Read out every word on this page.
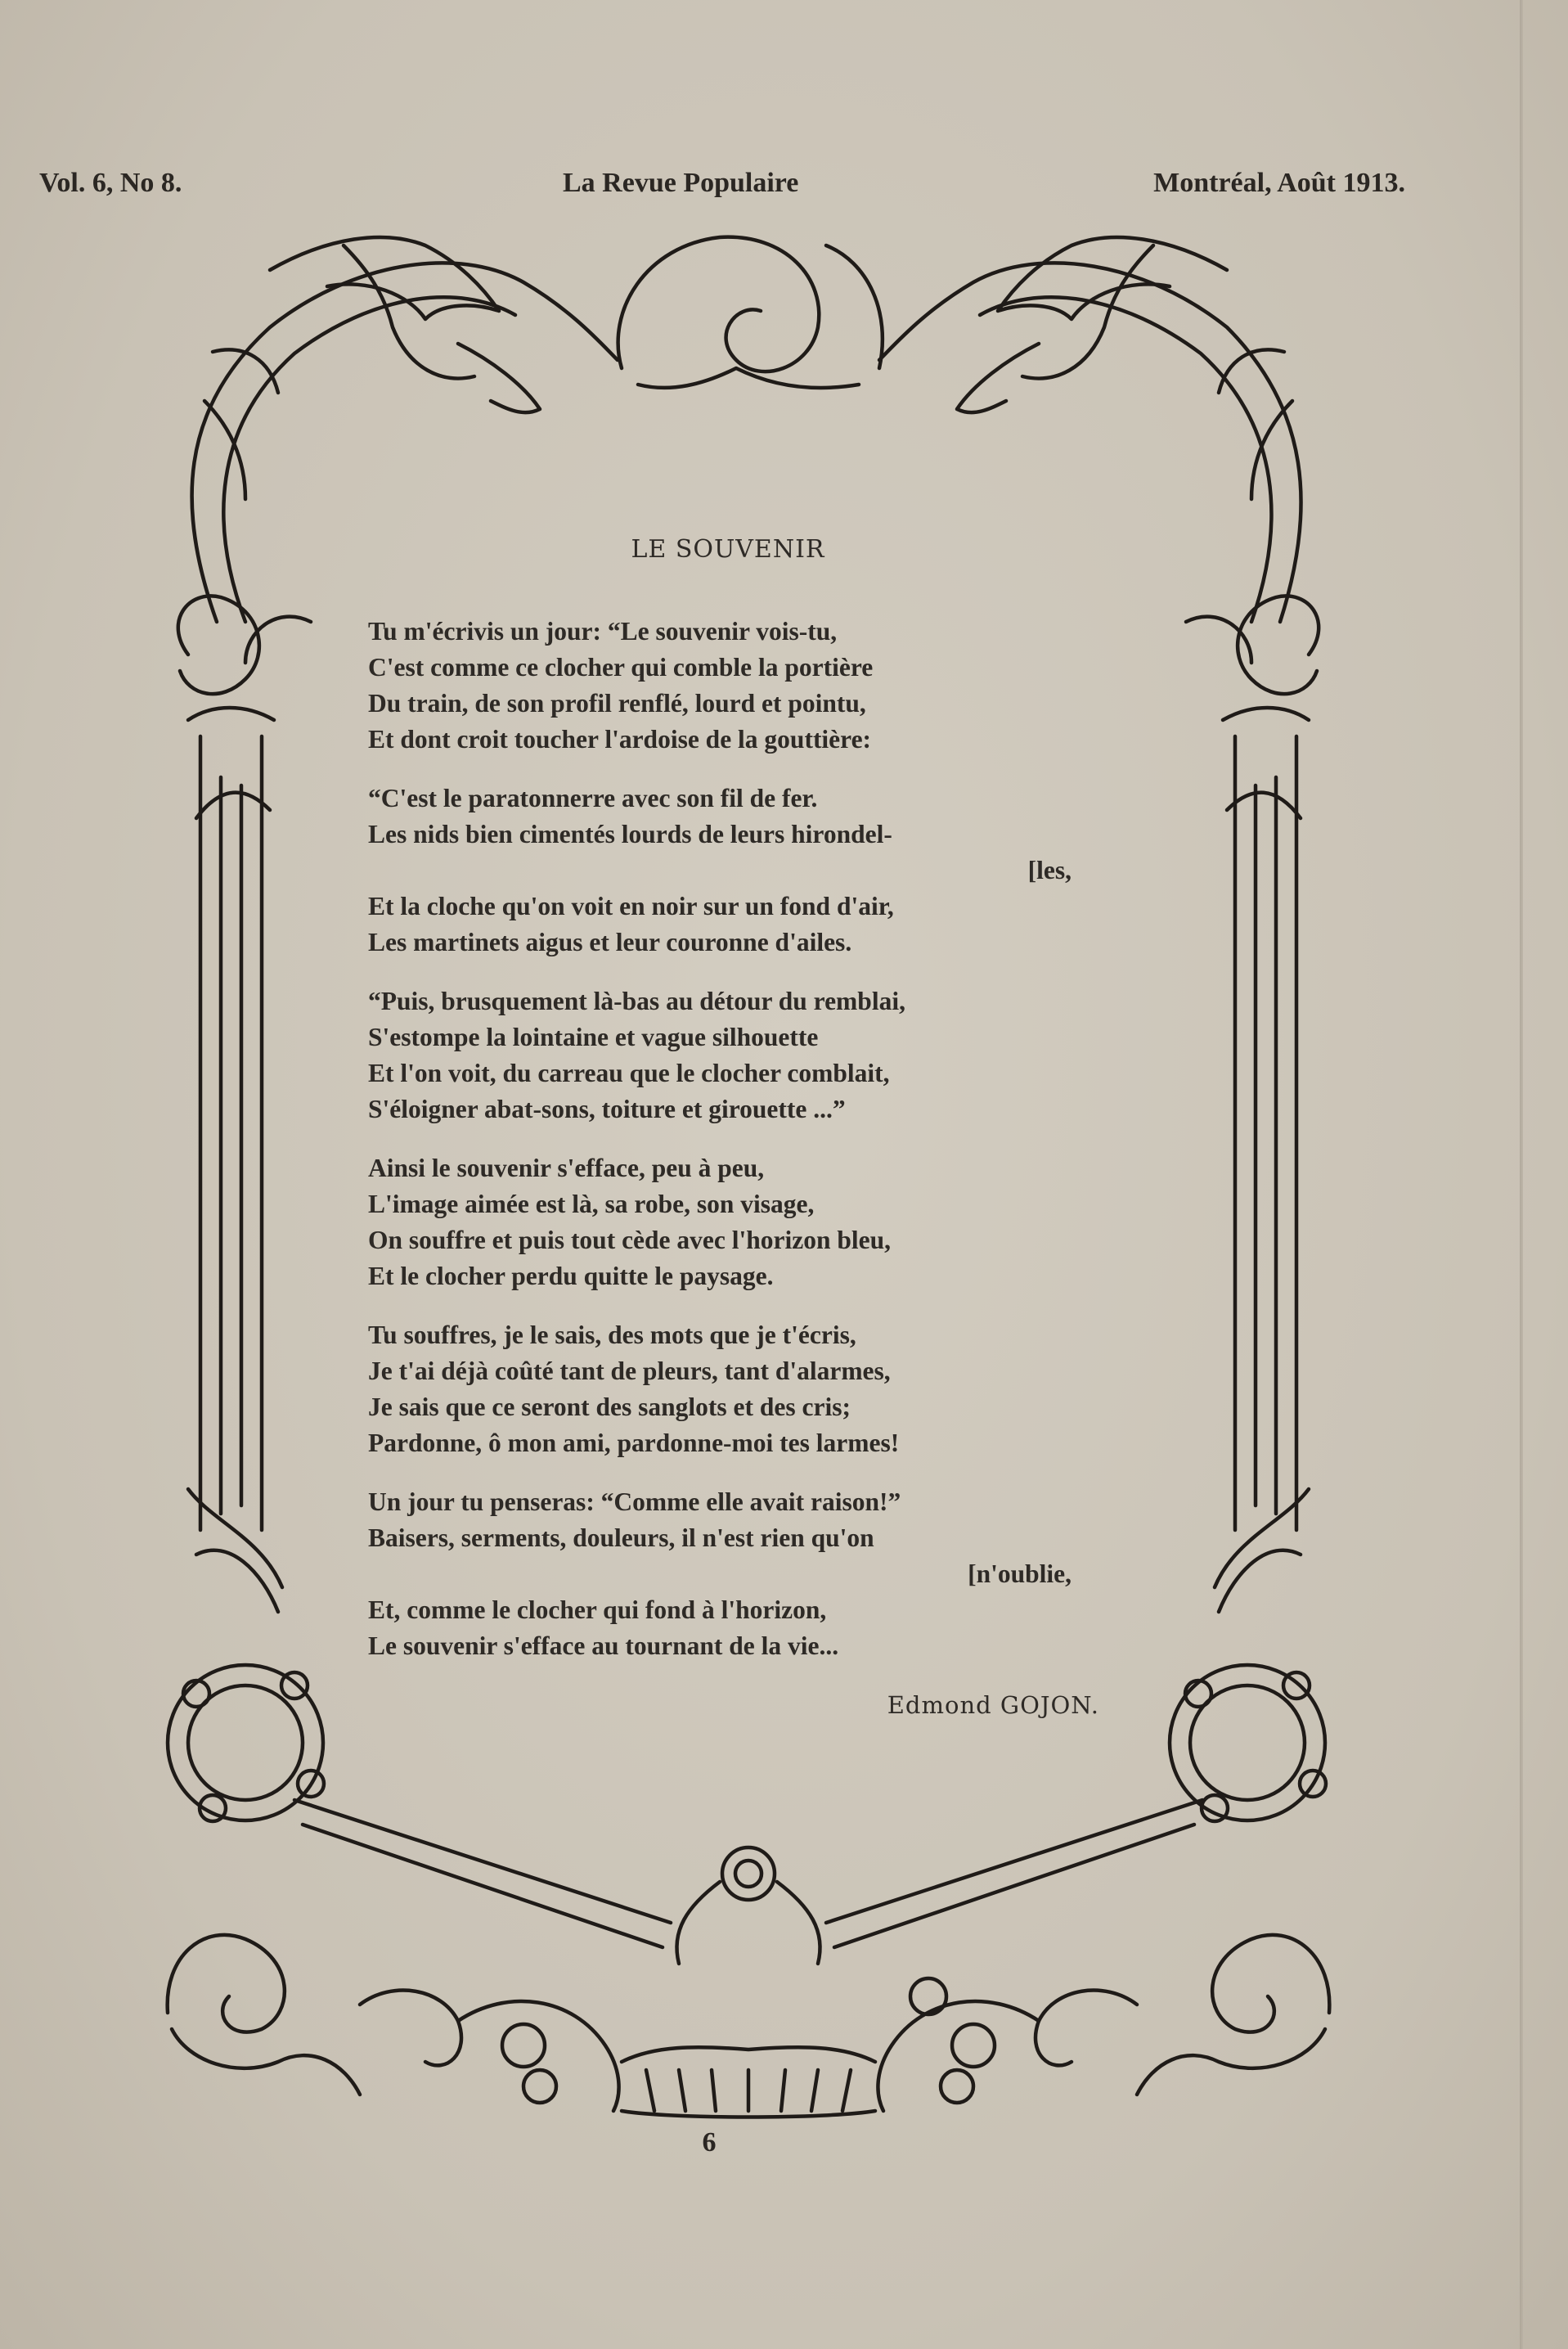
Vol. 6, No 8.	La Revue Populaire	Montréal, Août 1913.
LE SOUVENIR
Tu m'écrivis un jour: “Le souvenir vois-tu,
C'est comme ce clocher qui comble la portière
Du train, de son profil renflé, lourd et pointu,
Et dont croit toucher l'ardoise de la gouttière:
“C'est le paratonnerre avec son fil de fer.
Les nids bien cimentés lourds de leurs hirondel-
[les,
Et la cloche qu'on voit en noir sur un fond d'air,
Les martinets aigus et leur couronne d'ailes.
“Puis, brusquement là-bas au détour du remblai,
S'estompe la lointaine et vague silhouette
Et l'on voit, du carreau que le clocher comblait,
S'éloigner abat-sons, toiture et girouette ...”
Ainsi le souvenir s'efface, peu à peu,
L'image aimée est là, sa robe, son visage,
On souffre et puis tout cède avec l'horizon bleu,
Et le clocher perdu quitte le paysage.
Tu souffres, je le sais, des mots que je t'écris,
Je t'ai déjà coûté tant de pleurs, tant d'alarmes,
Je sais que ce seront des sanglots et des cris;
Pardonne, ô mon ami, pardonne-moi tes larmes!
Un jour tu penseras: “Comme elle avait raison!”
Baisers, serments, douleurs, il n'est rien qu'on
[n'oublie,
Et, comme le clocher qui fond à l'horizon,
Le souvenir s'efface au tournant de la vie...
Edmond GOJON.
6
